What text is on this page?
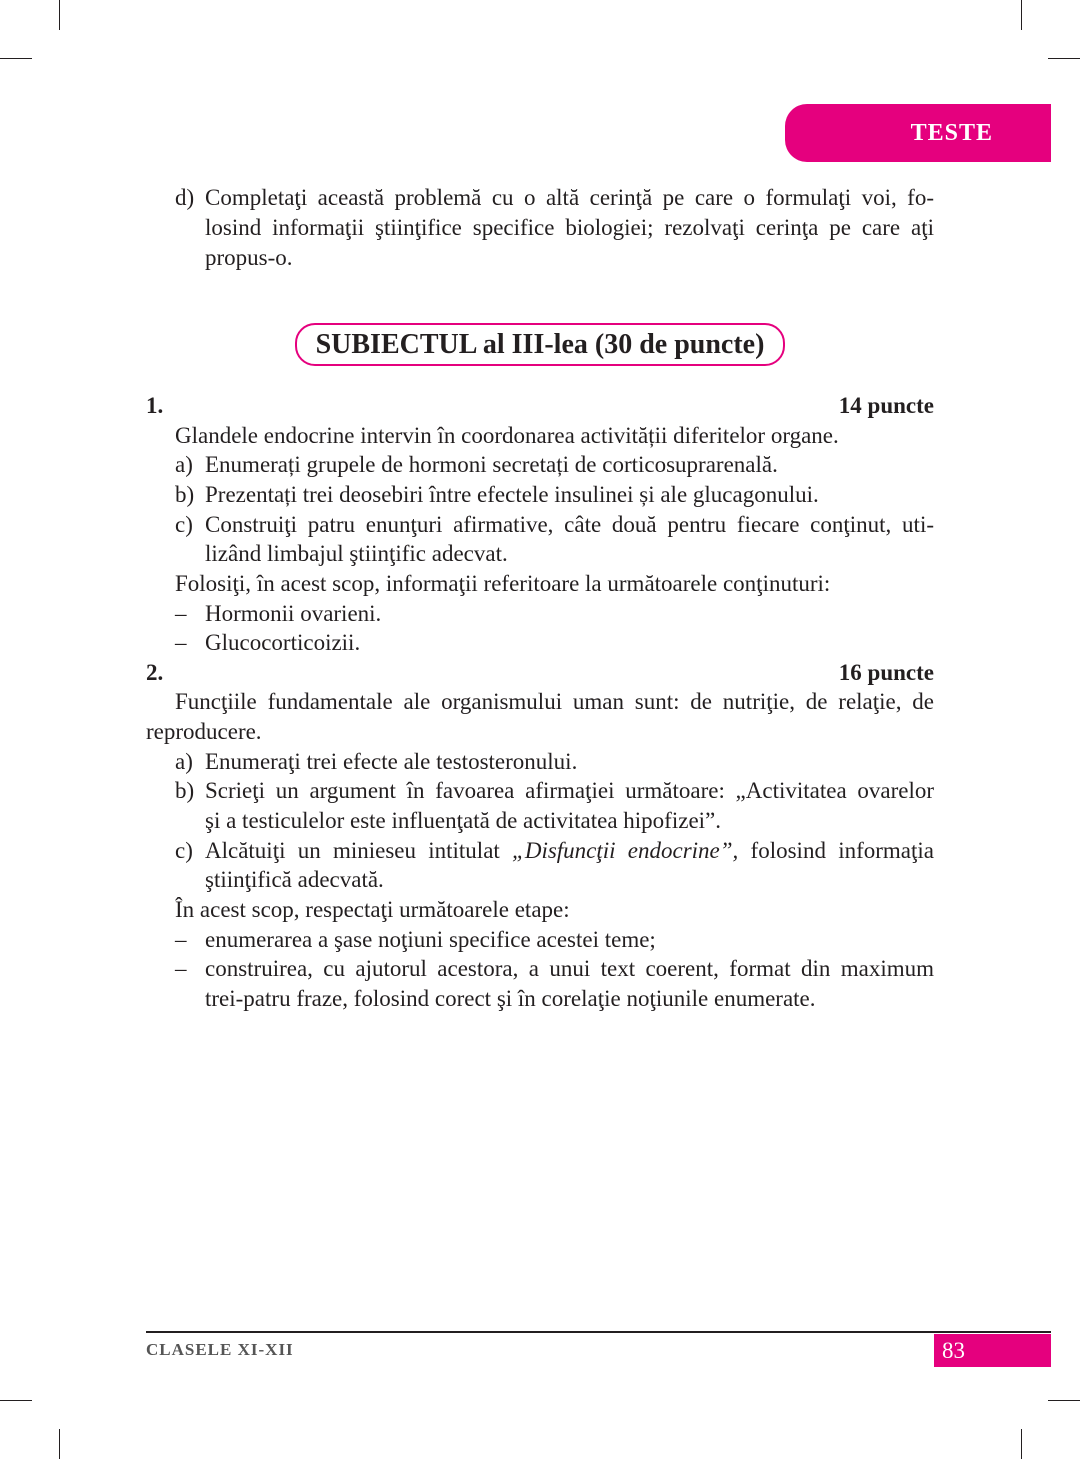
TESTE
d) Completaţi această problemă cu o altă cerinţă pe care o formulaţi voi, fo-
losind informaţii ştiinţifice specifice biologiei; rezolvaţi cerinţa pe care aţi
propus-o.
SUBIECTUL al III-lea (30 de puncte)
1.	14 puncte
Glandele endocrine intervin în coordonarea activității diferitelor organe.
a) Enumerați grupele de hormoni secretați de corticosuprarenală.
b) Prezentați trei deosebiri între efectele insulinei și ale glucagonului.
c) Construiţi patru enunţuri afirmative, câte două pentru fiecare conţinut, uti-
lizând limbajul ştiinţific adecvat.
Folosiţi, în acest scop, informaţii referitoare la următoarele conţinuturi:
– Hormonii ovarieni.
– Glucocorticoizii.
2.	16 puncte
Funcţiile fundamentale ale organismului uman sunt: de nutriţie, de relaţie, de
reproducere.
a) Enumeraţi trei efecte ale testosteronului.
b) Scrieţi un argument în favoarea afirmaţiei următoare: „Activitatea ovarelor
şi a testiculelor este influenţată de activitatea hipofizei”.
c) Alcătuiţi un minieseu intitulat „Disfuncţii endocrine”, folosind informaţia
ştiinţifică adecvată.
În acest scop, respectaţi următoarele etape:
– enumerarea a şase noţiuni specifice acestei teme;
– construirea, cu ajutorul acestora, a unui text coerent, format din maximum
trei-patru fraze, folosind corect şi în corelaţie noţiunile enumerate.
CLASELE XI-XII	83
